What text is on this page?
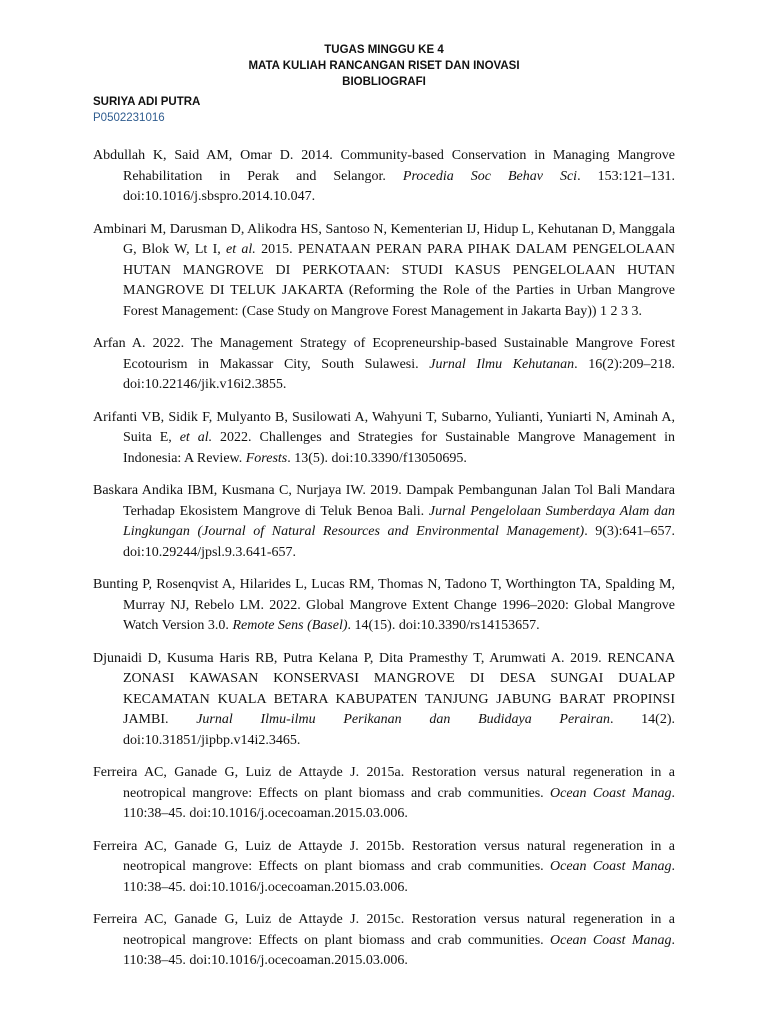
TUGAS MINGGU KE 4
MATA KULIAH RANCANGAN RISET DAN INOVASI
BIOBLIOGRAFI
SURIYA ADI PUTRA
P0502231016

Abdullah K, Said AM, Omar D. 2014. Community-based Conservation in Managing Mangrove Rehabilitation in Perak and Selangor. Procedia Soc Behav Sci. 153:121–131. doi:10.1016/j.sbspro.2014.10.047.

Ambinari M, Darusman D, Alikodra HS, Santoso N, Kementerian IJ, Hidup L, Kehutanan D, Manggala G, Blok W, Lt I, et al. 2015. PENATAAN PERAN PARA PIHAK DALAM PENGELOLAAN HUTAN MANGROVE DI PERKOTAAN: STUDI KASUS PENGELOLAAN HUTAN MANGROVE DI TELUK JAKARTA (Reforming the Role of the Parties in Urban Mangrove Forest Management: (Case Study on Mangrove Forest Management in Jakarta Bay)) 1 2 3 3.

Arfan A. 2022. The Management Strategy of Ecopreneurship-based Sustainable Mangrove Forest Ecotourism in Makassar City, South Sulawesi. Jurnal Ilmu Kehutanan. 16(2):209–218. doi:10.22146/jik.v16i2.3855.

Arifanti VB, Sidik F, Mulyanto B, Susilowati A, Wahyuni T, Subarno, Yulianti, Yuniarti N, Aminah A, Suita E, et al. 2022. Challenges and Strategies for Sustainable Mangrove Management in Indonesia: A Review. Forests. 13(5). doi:10.3390/f13050695.

Baskara Andika IBM, Kusmana C, Nurjaya IW. 2019. Dampak Pembangunan Jalan Tol Bali Mandara Terhadap Ekosistem Mangrove di Teluk Benoa Bali. Jurnal Pengelolaan Sumberdaya Alam dan Lingkungan (Journal of Natural Resources and Environmental Management). 9(3):641–657. doi:10.29244/jpsl.9.3.641-657.

Bunting P, Rosenqvist A, Hilarides L, Lucas RM, Thomas N, Tadono T, Worthington TA, Spalding M, Murray NJ, Rebelo LM. 2022. Global Mangrove Extent Change 1996–2020: Global Mangrove Watch Version 3.0. Remote Sens (Basel). 14(15). doi:10.3390/rs14153657.

Djunaidi D, Kusuma Haris RB, Putra Kelana P, Dita Pramesthy T, Arumwati A. 2019. RENCANA ZONASI KAWASAN KONSERVASI MANGROVE DI DESA SUNGAI DUALAP KECAMATAN KUALA BETARA KABUPATEN TANJUNG JABUNG BARAT PROPINSI JAMBI. Jurnal Ilmu-ilmu Perikanan dan Budidaya Perairan. 14(2). doi:10.31851/jipbp.v14i2.3465.

Ferreira AC, Ganade G, Luiz de Attayde J. 2015a. Restoration versus natural regeneration in a neotropical mangrove: Effects on plant biomass and crab communities. Ocean Coast Manag. 110:38–45. doi:10.1016/j.ocecoaman.2015.03.006.

Ferreira AC, Ganade G, Luiz de Attayde J. 2015b. Restoration versus natural regeneration in a neotropical mangrove: Effects on plant biomass and crab communities. Ocean Coast Manag. 110:38–45. doi:10.1016/j.ocecoaman.2015.03.006.

Ferreira AC, Ganade G, Luiz de Attayde J. 2015c. Restoration versus natural regeneration in a neotropical mangrove: Effects on plant biomass and crab communities. Ocean Coast Manag. 110:38–45. doi:10.1016/j.ocecoaman.2015.03.006.
